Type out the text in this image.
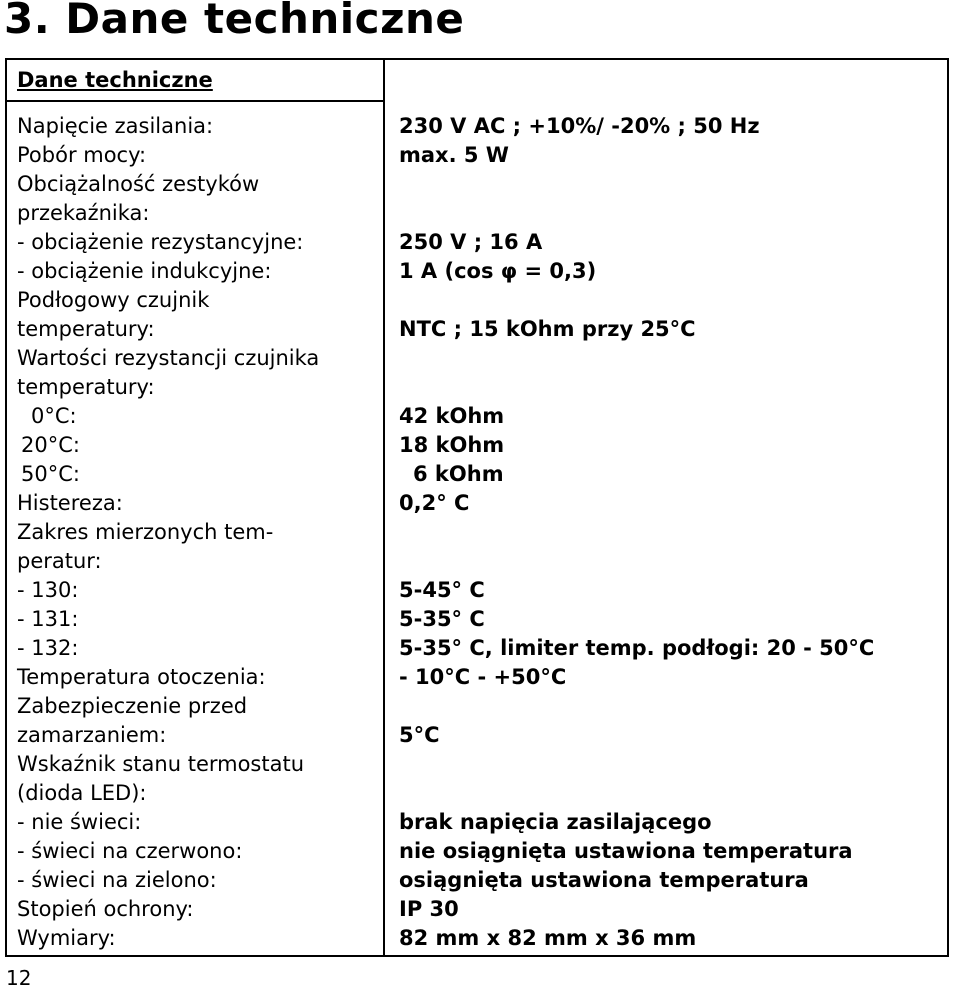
3. Dane techniczne
Dane techniczne
Napięcie zasilania:
Pobór mocy:
Obciążalność zestyków
przekaźnika:
- obciążenie rezystancyjne:
- obciążenie indukcyjne:
Podłogowy czujnik
temperatury:
Wartości rezystancji czujnika
temperatury:
0°C:
20°C:
50°C:
Histereza:
Zakres mierzonych tem-
peratur:
- 130:
- 131:
- 132:
Temperatura otoczenia:
Zabezpieczenie przed
zamarzaniem:
Wskaźnik stanu termostatu
(dioda LED):
- nie świeci:
- świeci na czerwono:
- świeci na zielono:
Stopień ochrony:
Wymiary:
230 V AC ; +10%/ -20% ; 50 Hz
max. 5 W
250 V ; 16 A
1 A (cos φ = 0,3)
NTC ; 15 kOhm przy 25°C
42 kOhm
18 kOhm
6 kOhm
0,2° C
5-45° C
5-35° C
5-35° C, limiter temp. podłogi: 20 - 50°C
- 10°C - +50°C
5°C
brak napięcia zasilającego
nie osiągnięta ustawiona temperatura
osiągnięta ustawiona temperatura
IP 30
82 mm x 82 mm x 36 mm
12
